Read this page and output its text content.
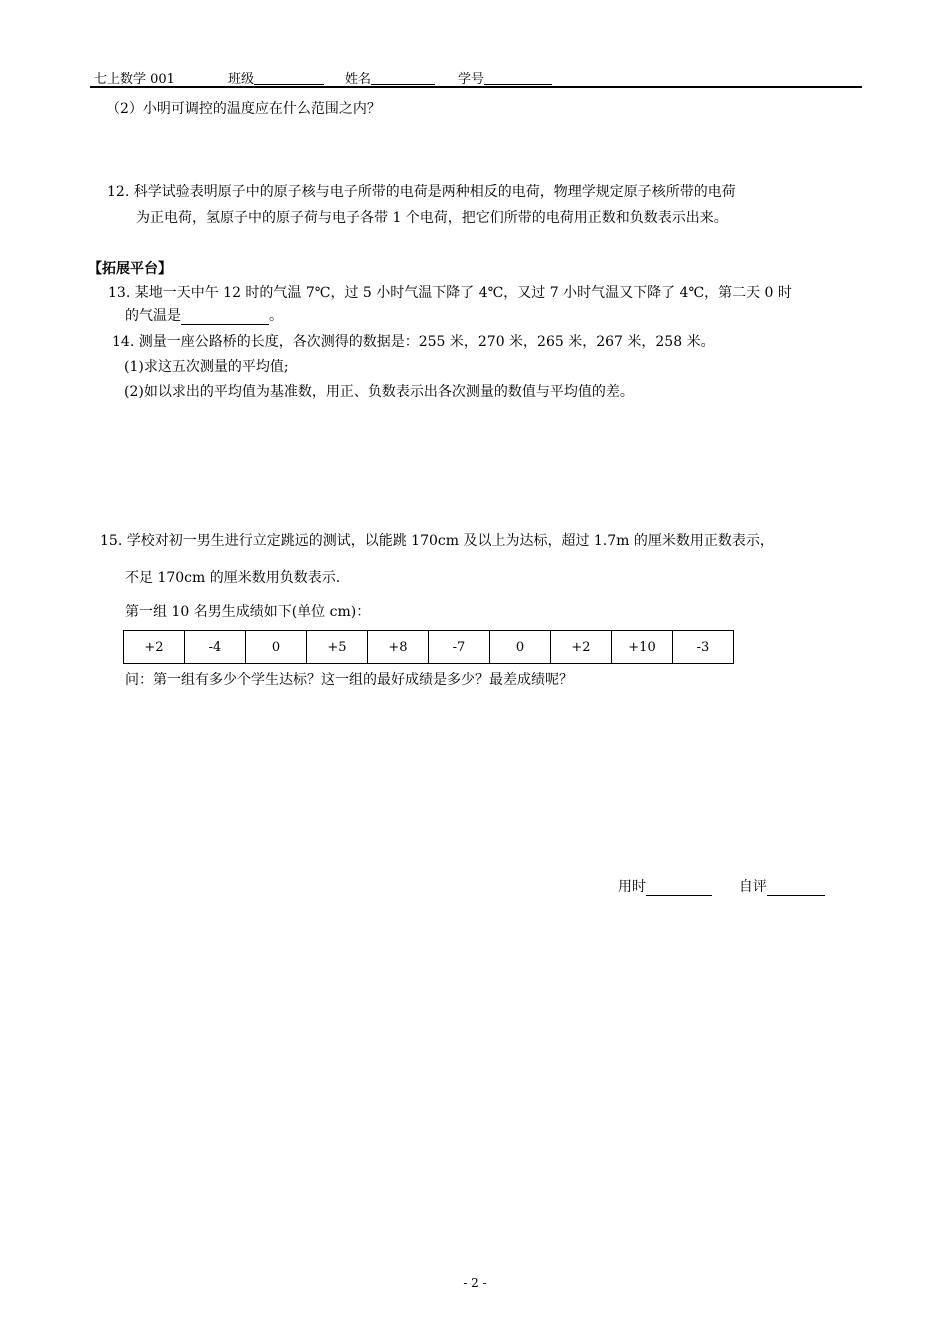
七上数学 001	班级	姓名	学号
（2）小明可调控的温度应在什么范围之内？
12. 科学试验表明原子中的原子核与电子所带的电荷是两种相反的电荷，物理学规定原子核所带的电荷
为正电荷，氢原子中的原子荷与电子各带 1 个电荷，把它们所带的电荷用正数和负数表示出来。
【拓展平台】
13. 某地一天中午 12 时的气温 7℃，过 5 小时气温下降了 4℃，又过 7 小时气温又下降了 4℃，第二天 0 时
的气温是	。
14. 测量一座公路桥的长度，各次测得的数据是：255 米，270 米，265 米，267 米，258 米。
(1)求这五次测量的平均值;
(2)如以求出的平均值为基准数，用正、负数表示出各次测量的数值与平均值的差。
15. 学校对初一男生进行立定跳远的测试，以能跳 170cm 及以上为达标，超过 1.7m 的厘米数用正数表示，
不足 170cm 的厘米数用负数表示.
第一组 10 名男生成绩如下(单位 cm)：
+2	-4	0	+5	+8	-7	0	+2	+10	-3
问：第一组有多少个学生达标？这一组的最好成绩是多少？最差成绩呢？
用时	自评
- 2 -
